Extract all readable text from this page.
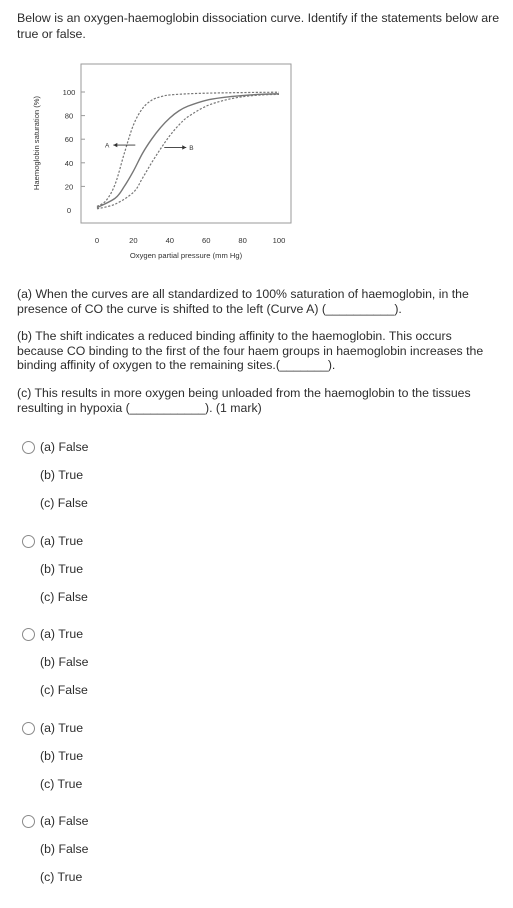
Below is an oxygen-haemoglobin dissociation curve. Identify if the statements below are true or false.

0
20
40
60
80
100
0	20	40	60	80	100
A	B
Oxygen partial pressure (mm Hg)
Haemoglobin saturation (%)

(a) When the curves are all standardized to 100% saturation of haemoglobin, in the presence of CO the curve is shifted to the left (Curve A) (__________).

(b) The shift indicates a reduced binding affinity to the haemoglobin. This occurs because CO binding to the first of the four haem groups in haemoglobin increases the binding affinity of oxygen to the remaining sites.(_______).

(c) This results in more oxygen being unloaded from the haemoglobin to the tissues resulting in hypoxia (___________). (1 mark)

(a) False
(b) True
(c) False
(a) True
(b) True
(c) False
(a) True
(b) False
(c) False
(a) True
(b) True
(c) True
(a) False
(b) False
(c) True
